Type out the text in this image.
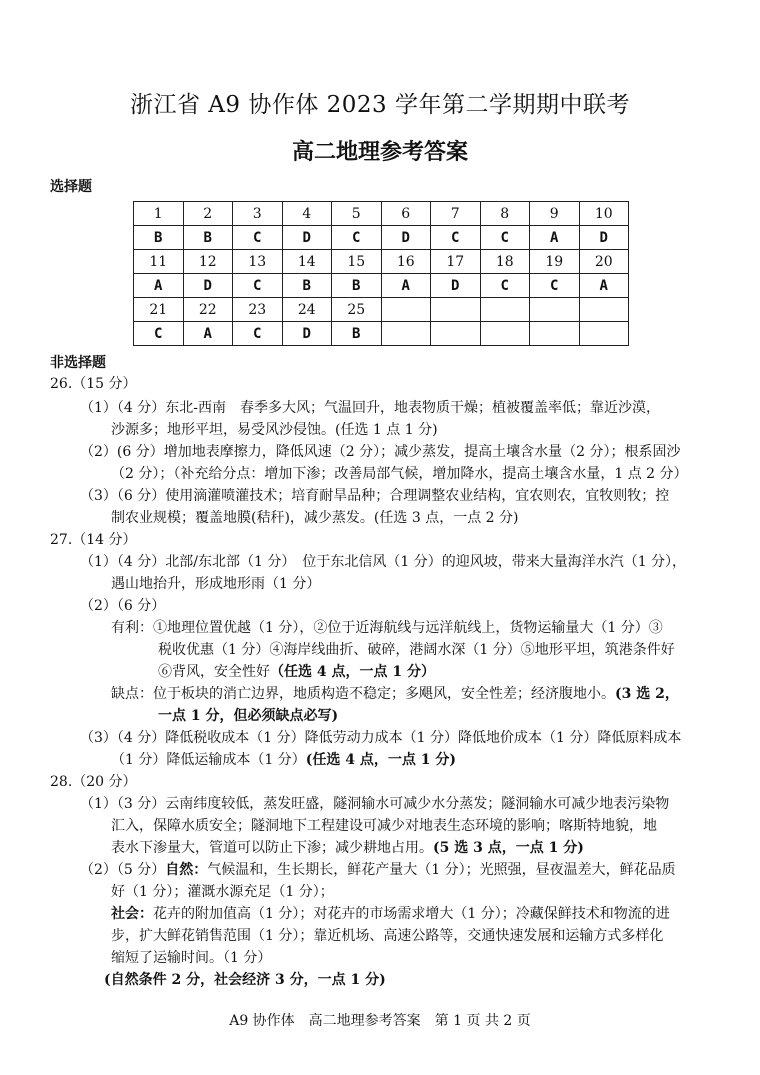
浙江省 A9 协作体 2023 学年第二学期期中联考
高二地理参考答案
选择题
1	2	3	4	5	6	7	8	9	10
B	B	C	D	C	D	C	C	A	D
11	12	13	14	15	16	17	18	19	20
A	D	C	B	B	A	D	C	C	A
21	22	23	24	25					
C	A	C	D	B					
非选择题
26.（15 分）
（1）（4 分）东北-西南　春季多大风；气温回升，地表物质干燥；植被覆盖率低；靠近沙漠，
沙源多；地形平坦，易受风沙侵蚀。(任选 1 点 1 分)
（2）(6 分）增加地表摩擦力，降低风速（2 分）；减少蒸发，提高土壤含水量（2 分）；根系固沙
（2 分）；（补充给分点：增加下渗；改善局部气候，增加降水，提高土壤含水量，1 点 2 分）
（3）（6 分）使用滴灌喷灌技术；培育耐旱品种；合理调整农业结构，宜农则农，宜牧则牧；控
制农业规模；覆盖地膜(秸秆)，减少蒸发。(任选 3 点，一点 2 分)
27.（14 分）
（1）（4 分）北部/东北部（1 分）　位于东北信风（1 分）的迎风坡，带来大量海洋水汽（1 分），
遇山地抬升，形成地形雨（1 分）
（2）（6 分）
有利：①地理位置优越（1 分），②位于近海航线与远洋航线上，货物运输量大（1 分）③
税收优惠（1 分）④海岸线曲折、破碎，港阔水深（1 分）⑤地形平坦，筑港条件好
⑥背风，安全性好（任选 4 点，一点 1 分）
缺点：位于板块的消亡边界，地质构造不稳定；多飓风，安全性差；经济腹地小。(3 选 2，
一点 1 分，但必须缺点必写)
（3）（4 分）降低税收成本（1 分）降低劳动力成本（1 分）降低地价成本（1 分）降低原料成本
（1 分）降低运输成本（1 分）(任选 4 点，一点 1 分)
28.（20 分）
（1）（3 分）云南纬度较低，蒸发旺盛，隧洞输水可减少水分蒸发；隧洞输水可减少地表污染物
汇入，保障水质安全；隧洞地下工程建设可减少对地表生态环境的影响；喀斯特地貌，地
表水下渗量大，管道可以防止下渗；减少耕地占用。(5 选 3 点，一点 1 分)
（2）（5 分）自然：气候温和，生长期长，鲜花产量大（1 分）；光照强，昼夜温差大，鲜花品质
好（1 分）；灌溉水源充足（1 分）；
社会：花卉的附加值高（1 分）；对花卉的市场需求增大（1 分）；冷藏保鲜技术和物流的进
步，扩大鲜花销售范围（1 分）；靠近机场、高速公路等，交通快速发展和运输方式多样化
缩短了运输时间。（1 分）
(自然条件 2 分，社会经济 3 分，一点 1 分)
A9 协作体　高二地理参考答案　第 1 页 共 2 页
